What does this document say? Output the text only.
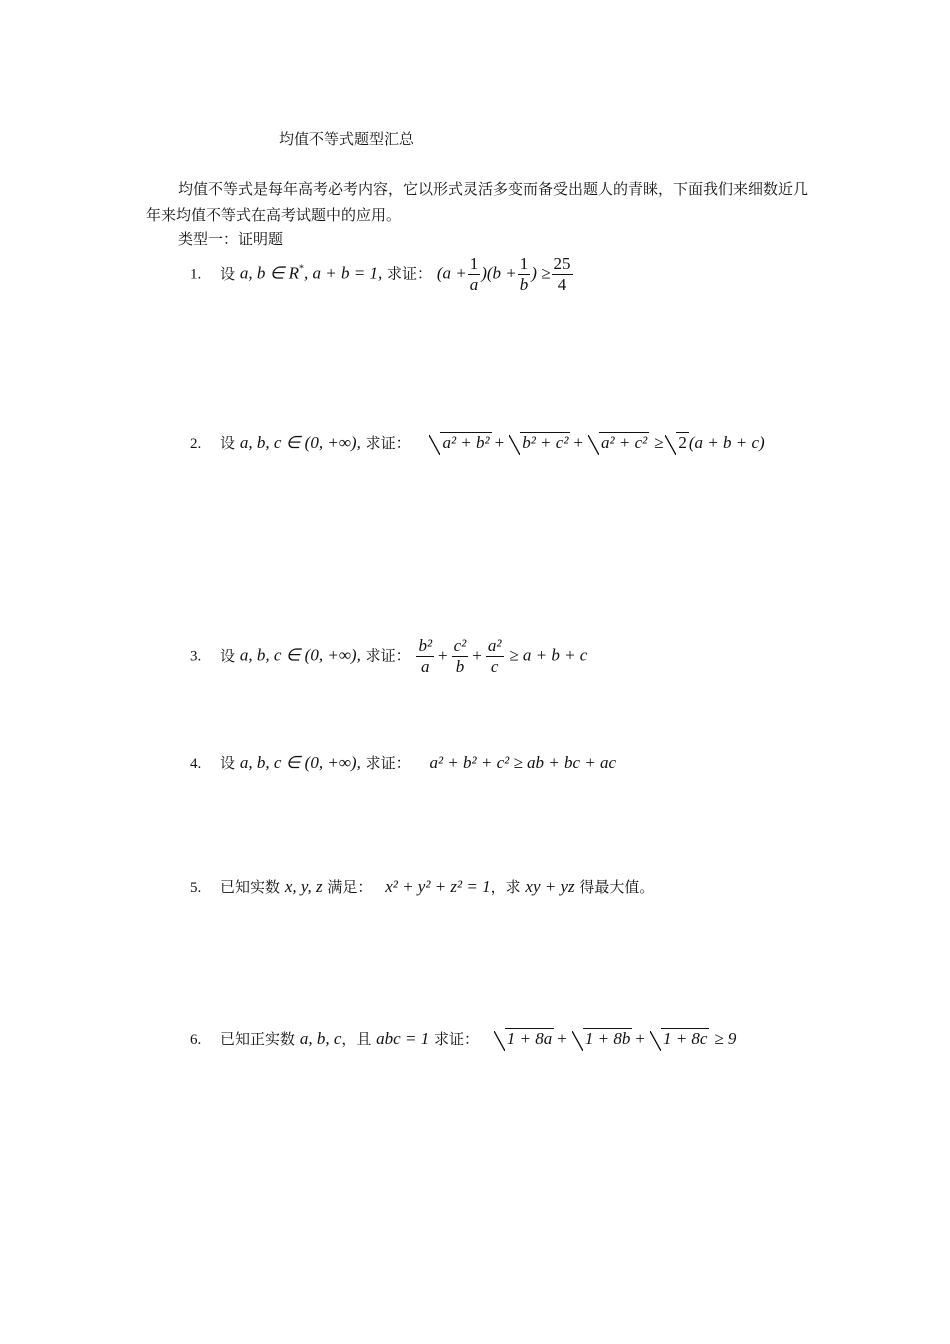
均值不等式题型汇总
均值不等式是每年高考必考内容，它以形式灵活多变而备受出题人的青睐，下面我们来细数近几年来均值不等式在高考试题中的应用。
类型一：证明题
1. 设 a, b ∈ R*, a + b = 1, 求证： $(a + \frac{1}{a} )(b + \frac{1}{b}$ ) ≥ $\frac{25}{4}$
2. 设 a, b, c ∈ (0, +∞), 求证： a² + b² + b² + c² + a² + c² ≥ 2 (a + b + c)
3. 设 a, b, c ∈ (0, +∞), 求证： $\frac{\text{b²}}{a} + \frac{\text{c²}}{b} + \frac{\text{a²}}{c} \ge a + b + c$
4. 设 a, b, c ∈ (0, +∞), 求证： a² + b² + c² ≥ ab + bc + ac
5. 已知实数 x, y, z 满足： x² + y² + z² = 1，求 xy + yz 得最大值。
6. 已知正实数 a, b, c，且 abc = 1 求证： 1 + 8a + 1 + 8b + 1 + 8c ≥ 9
